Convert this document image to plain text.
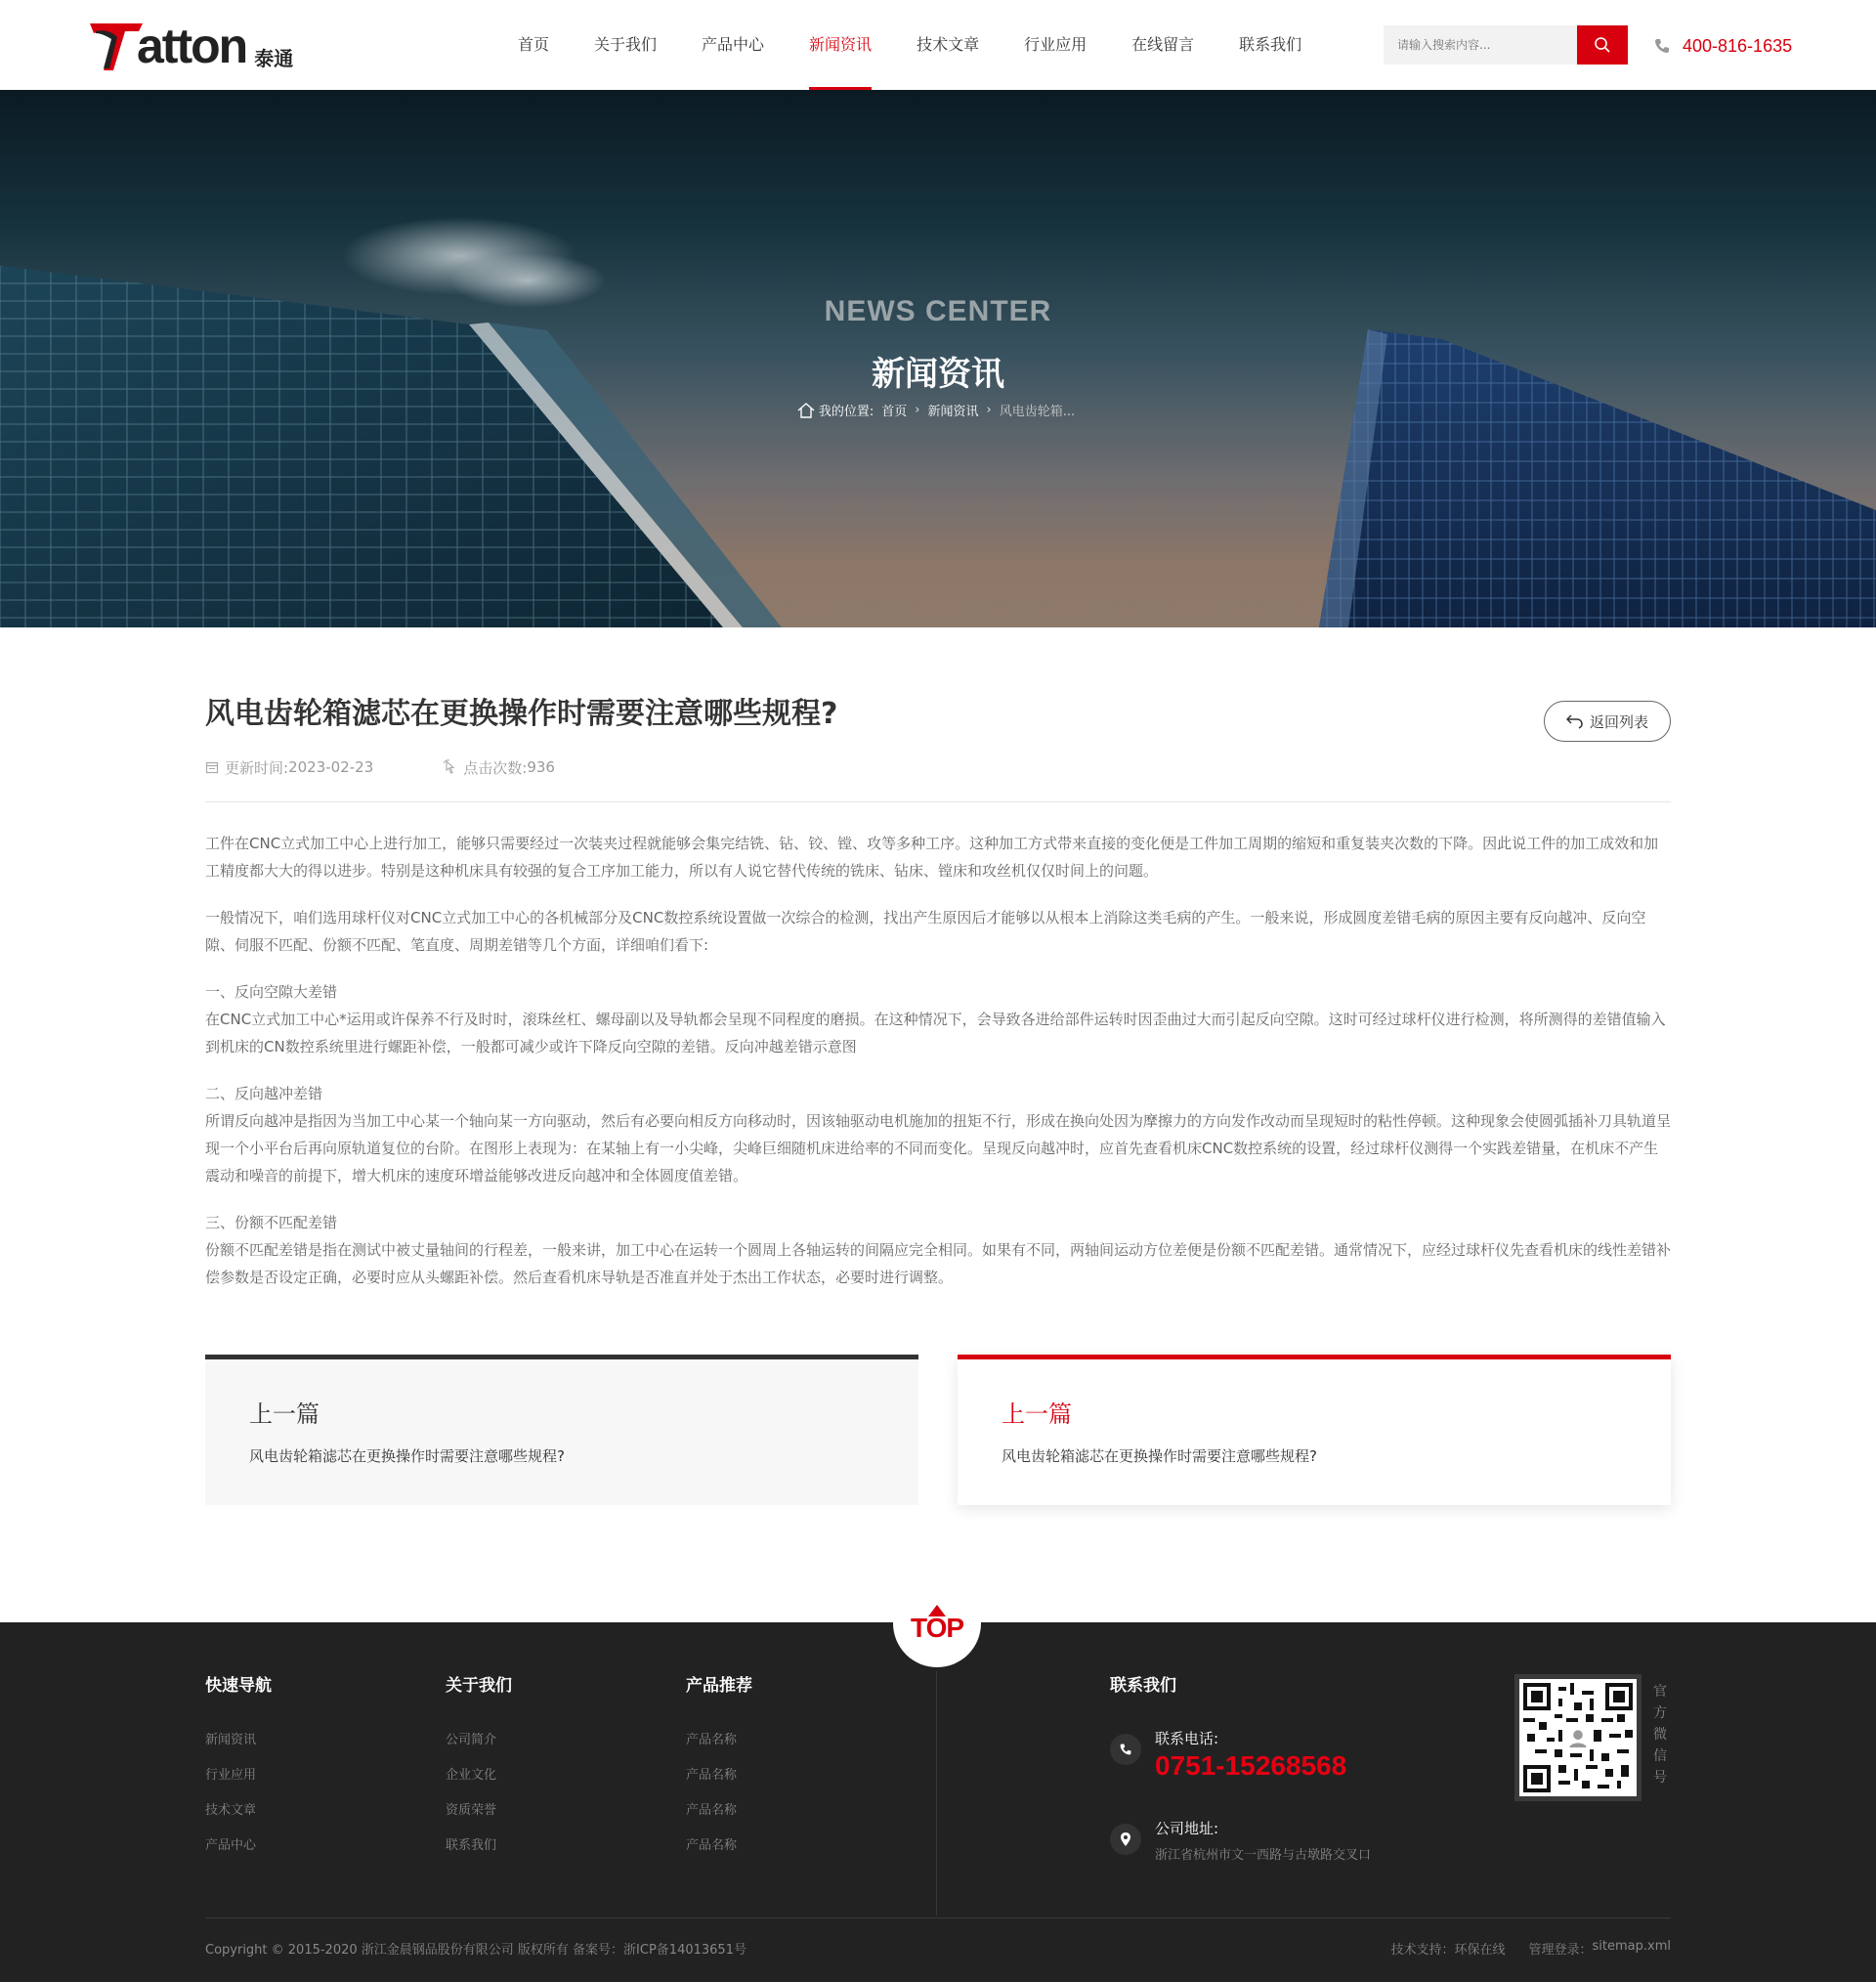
atton 泰通
首页	关于我们	产品中心	新闻资讯	技术文章	行业应用	在线留言	联系我们
请输入搜索内容...	400-816-1635
NEWS CENTER
新闻资讯
我的位置: 首页 › 新闻资讯 › 风电齿轮箱...
风电齿轮箱滤芯在更换操作时需要注意哪些规程?	返回列表
更新时间: 2023-02-23	点击次数: 936

工件在CNC立式加工中心上进行加工，能够只需要经过一次装夹过程就能够会集完结铣、钻、铰、镗、攻等多种工序。这种加工方式带来直接的变化便是工件加工周期的缩短和重复装夹次数的下降。因此说工件的加工成效和加工精度都大大的得以进步。特别是这种机床具有较强的复合工序加工能力，所以有人说它替代传统的铣床、钻床、镗床和攻丝机仅仅时间上的问题。

一般情况下，咱们选用球杆仪对CNC立式加工中心的各机械部分及CNC数控系统设置做一次综合的检测，找出产生原因后才能够以从根本上消除这类毛病的产生。一般来说，形成圆度差错毛病的原因主要有反向越冲、反向空隙、伺服不匹配、份额不匹配、笔直度、周期差错等几个方面，详细咱们看下:

一、反向空隙大差错
在CNC立式加工中心*运用或许保养不行及时时，滚珠丝杠、螺母副以及导轨都会呈现不同程度的磨损。在这种情况下，会导致各进给部件运转时因歪曲过大而引起反向空隙。这时可经过球杆仪进行检测，将所测得的差错值输入到机床的CN数控系统里进行螺距补偿，一般都可减少或许下降反向空隙的差错。反向冲越差错示意图

二、反向越冲差错
所谓反向越冲是指因为当加工中心某一个轴向某一方向驱动，然后有必要向相反方向移动时，因该轴驱动电机施加的扭矩不行，形成在换向处因为摩擦力的方向发作改动而呈现短时的粘性停顿。这种现象会使圆弧插补刀具轨道呈现一个小平台后再向原轨道复位的台阶。在图形上表现为：在某轴上有一小尖峰，尖峰巨细随机床进给率的不同而变化。呈现反向越冲时，应首先查看机床CNC数控系统的设置，经过球杆仪测得一个实践差错量，在机床不产生震动和噪音的前提下，增大机床的速度环增益能够改进反向越冲和全体圆度值差错。

三、份额不匹配差错
份额不匹配差错是指在测试中被丈量轴间的行程差，一般来讲，加工中心在运转一个圆周上各轴运转的间隔应完全相同。如果有不同，两轴间运动方位差便是份额不匹配差错。通常情况下，应经过球杆仪先查看机床的线性差错补偿参数是否设定正确，必要时应从头螺距补偿。然后查看机床导轨是否准直并处于杰出工作状态，必要时进行调整。

上一篇
风电齿轮箱滤芯在更换操作时需要注意哪些规程?
上一篇
风电齿轮箱滤芯在更换操作时需要注意哪些规程?
TOP
快速导航
新闻资讯
行业应用
技术文章
产品中心
关于我们
公司简介
企业文化
资质荣誉
联系我们
产品推荐
产品名称
产品名称
产品名称
产品名称
联系我们
联系电话:
0751-15268568
公司地址:
浙江省杭州市文一西路与古墩路交叉口
官方微信号
Copyright © 2015-2020 浙江金晨钢品股份有限公司 版权所有 备案号：浙ICP备14013651号	技术支持：环保在线 管理登录： sitemap.xml
